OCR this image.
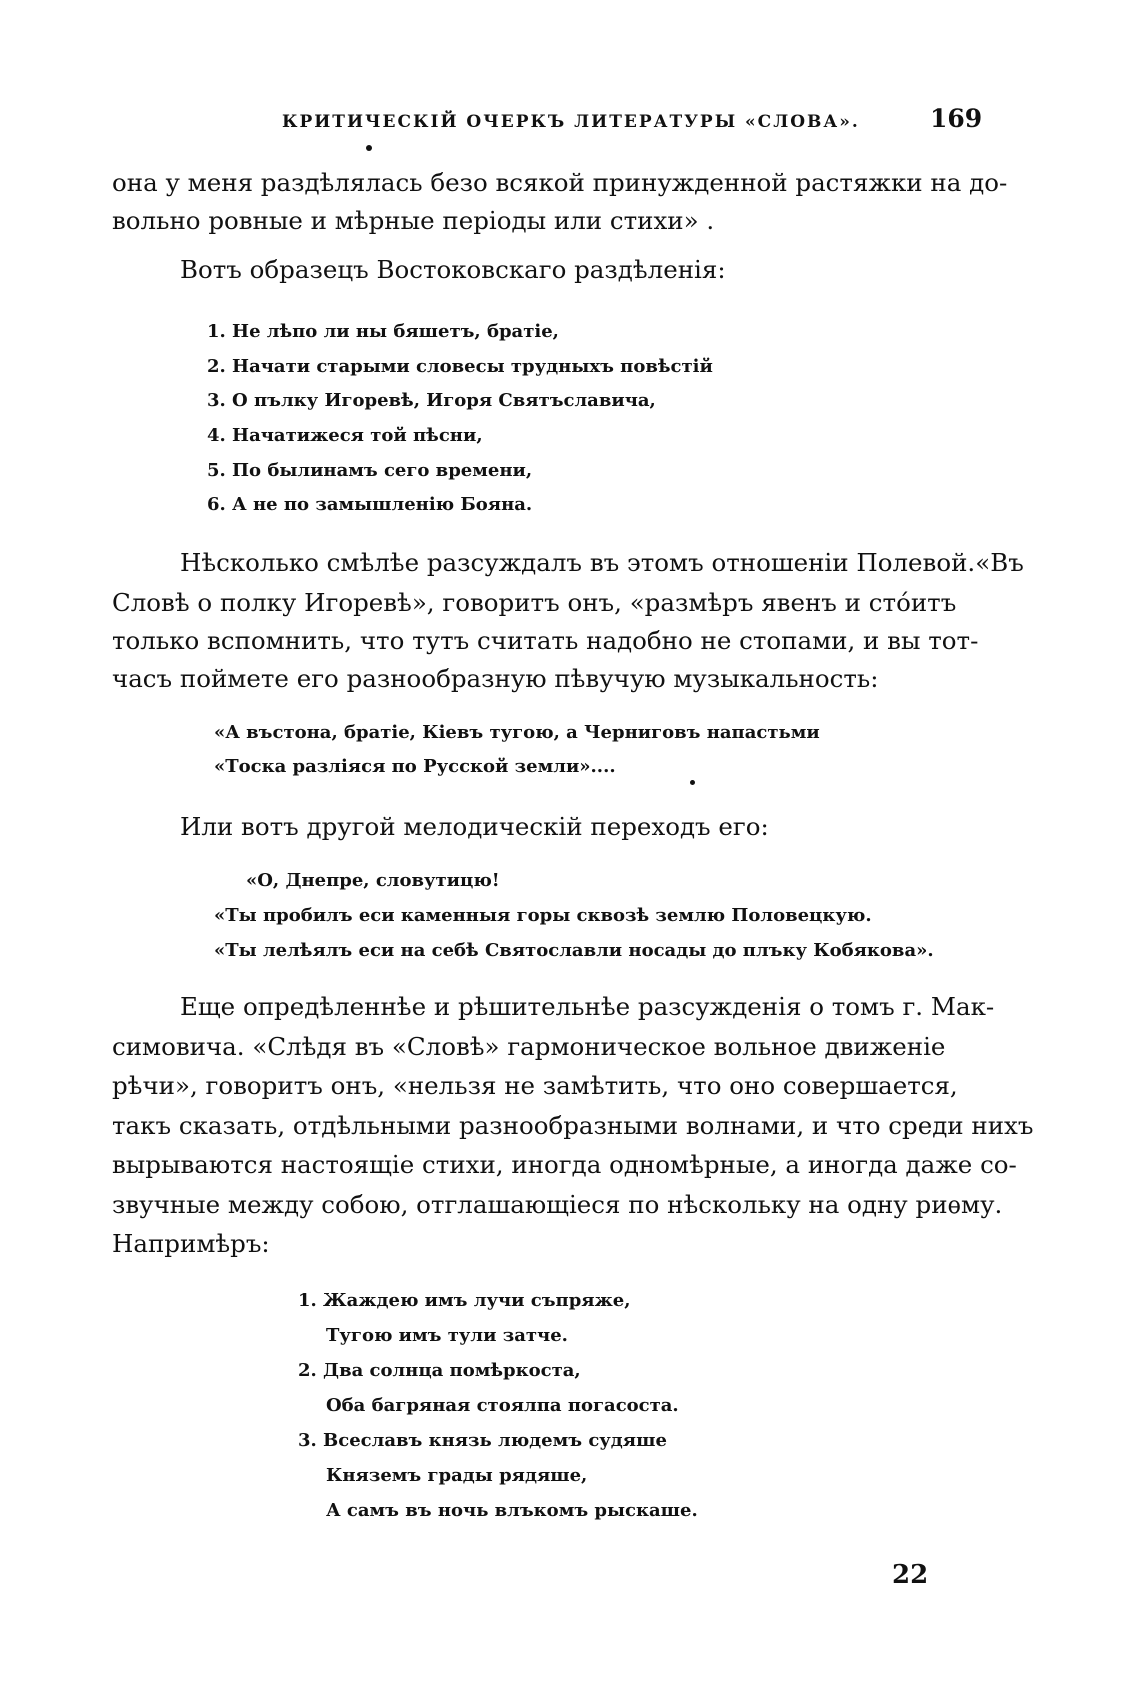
КРИТИЧЕСКІЙ ОЧЕРКЪ ЛИТЕРАТУРЫ «СЛОВА».	169
она у меня раздѣлялась безо всякой принужденной растяжки на до-
вольно ровные и мѣрные періоды или стихи» .
Вотъ образецъ Востоковскаго раздѣленія:
1. Не лѣпо ли ны бяшетъ, братіе,
2. Начати старыми словесы трудныхъ повѣстій
3. О пълку Игоревѣ, Игоря Святъславича,
4. Начатижеся той пѣсни,
5. По былинамъ сего времени,
6. А не по замышленію Бояна.
Нѣсколько смѣлѣе разсуждалъ въ этомъ отношеніи Полевой.«Въ
Словѣ о полку Игоревѣ», говоритъ онъ, «размѣръ явенъ и стóитъ
только вспомнить, что тутъ считать надобно не стопами, и вы тот-
часъ поймете его разнообразную пѣвучую музыкальность:
«А въстона, братіе, Кіевъ тугою, а Черниговъ напастьми
«Тоска разліяся по Русской земли»....
Или вотъ другой мелодическій переходъ его:
«О, Днепре, словутицю!
«Ты пробилъ еси каменныя горы сквозѣ землю Половецкую.
«Ты лелѣялъ еси на себѣ Святославли носады до плъку Кобякова».
Еще опредѣленнѣе и рѣшительнѣе разсужденія о томъ г. Мак-
симовича. «Слѣдя въ «Словѣ» гармоническое вольное движеніе
рѣчи», говоритъ онъ, «нельзя не замѣтить, что оно совершается,
такъ сказать, отдѣльными разнообразными волнами, и что среди нихъ
вырываются настоящіе стихи, иногда одномѣрные, а иногда даже со-
звучные между собою, отглашающіеся по нѣскольку на одну риѳму.
Напримѣръ:
1. Жаждею имъ лучи съпряже,
Тугою имъ тули затче.
2. Два солнца помѣркоста,
Оба багряная стоялпа погасоста.
3. Всеславъ князь людемъ судяше
Княземъ грады рядяше,
А самъ въ ночь влъкомъ рыскаше.
22
